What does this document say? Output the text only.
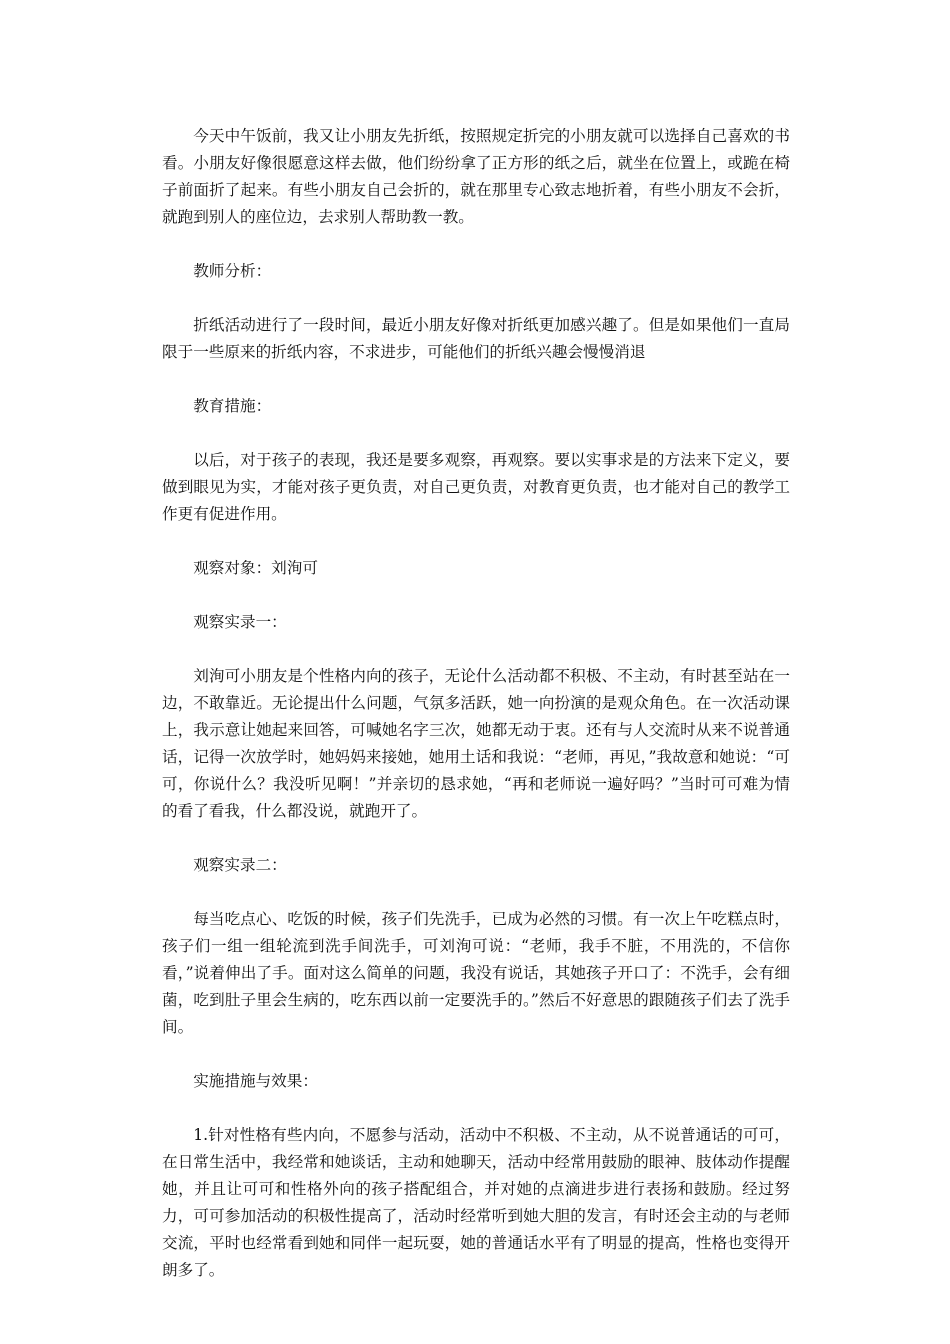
今天中午饭前，我又让小朋友先折纸，按照规定折完的小朋友就可以选择自己喜欢的书看。小朋友好像很愿意这样去做，他们纷纷拿了正方形的纸之后，就坐在位置上，或跪在椅子前面折了起来。有些小朋友自己会折的，就在那里专心致志地折着，有些小朋友不会折，就跑到别人的座位边，去求别人帮助教一教。

教师分析：

折纸活动进行了一段时间，最近小朋友好像对折纸更加感兴趣了。但是如果他们一直局限于一些原来的折纸内容，不求进步，可能他们的折纸兴趣会慢慢消退

教育措施：

以后，对于孩子的表现，我还是要多观察，再观察。要以实事求是的方法来下定义，要做到眼见为实，才能对孩子更负责，对自己更负责，对教育更负责，也才能对自己的教学工作更有促进作用。

观察对象：刘洵可

观察实录一：

刘洵可小朋友是个性格内向的孩子，无论什么活动都不积极、不主动，有时甚至站在一边，不敢靠近。无论提出什么问题，气氛多活跃，她一向扮演的是观众角色。在一次活动课上，我示意让她起来回答，可喊她名字三次，她都无动于衷。还有与人交流时从来不说普通话，记得一次放学时，她妈妈来接她，她用土话和我说：“老师，再见，”我故意和她说：“可可，你说什么？我没听见啊！”并亲切的恳求她，“再和老师说一遍好吗？”当时可可难为情的看了看我，什么都没说，就跑开了。

观察实录二：

每当吃点心、吃饭的时候，孩子们先洗手，已成为必然的习惯。有一次上午吃糕点时，孩子们一组一组轮流到洗手间洗手，可刘洵可说：“老师，我手不脏，不用洗的，不信你看，”说着伸出了手。面对这么简单的问题，我没有说话，其她孩子开口了：不洗手，会有细菌，吃到肚子里会生病的，吃东西以前一定要洗手的。”然后不好意思的跟随孩子们去了洗手间。

实施措施与效果：

1.针对性格有些内向，不愿参与活动，活动中不积极、不主动，从不说普通话的可可，在日常生活中，我经常和她谈话，主动和她聊天，活动中经常用鼓励的眼神、肢体动作提醒她，并且让可可和性格外向的孩子搭配组合，并对她的点滴进步进行表扬和鼓励。经过努力，可可参加活动的积极性提高了，活动时经常听到她大胆的发言，有时还会主动的与老师交流，平时也经常看到她和同伴一起玩耍，她的普通话水平有了明显的提高，性格也变得开朗多了。
